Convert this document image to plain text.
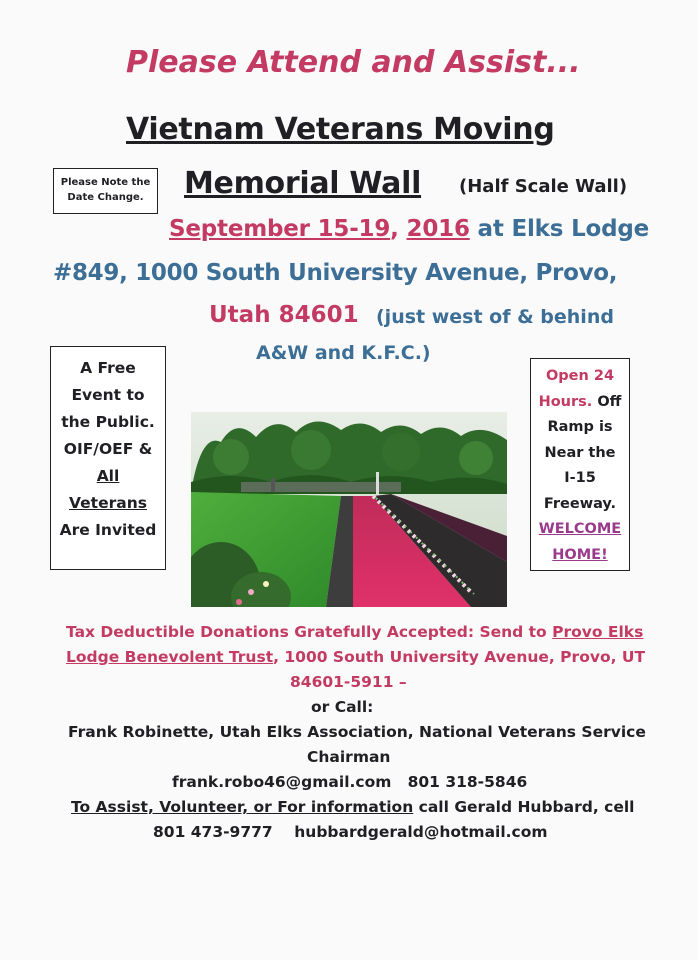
Please Attend and Assist...

Vietnam Veterans Moving

Please Note the
Date Change.	Memorial Wall (Half Scale Wall)

September 15-19, 2016 at Elks Lodge

#849, 1000 South University Avenue, Provo,

Utah 84601 (just west of & behind

A&W and K.F.C.)

A Free
Event to
the Public.
OIF/OEF &
All
Veterans
Are Invited
Open 24
Hours. Off
Ramp is
Near the
I-15
Freeway.
WELCOME
HOME!

Tax Deductible Donations Gratefully Accepted: Send to Provo Elks

Lodge Benevolent Trust, 1000 South University Avenue, Provo, UT

84601-5911 –

or Call:

Frank Robinette, Utah Elks Association, National Veterans Service

Chairman

frank.robo46@gmail.com   801 318-5846

To Assist, Volunteer, or For information call Gerald Hubbard, cell

801 473-9777    hubbardgerald@hotmail.com
